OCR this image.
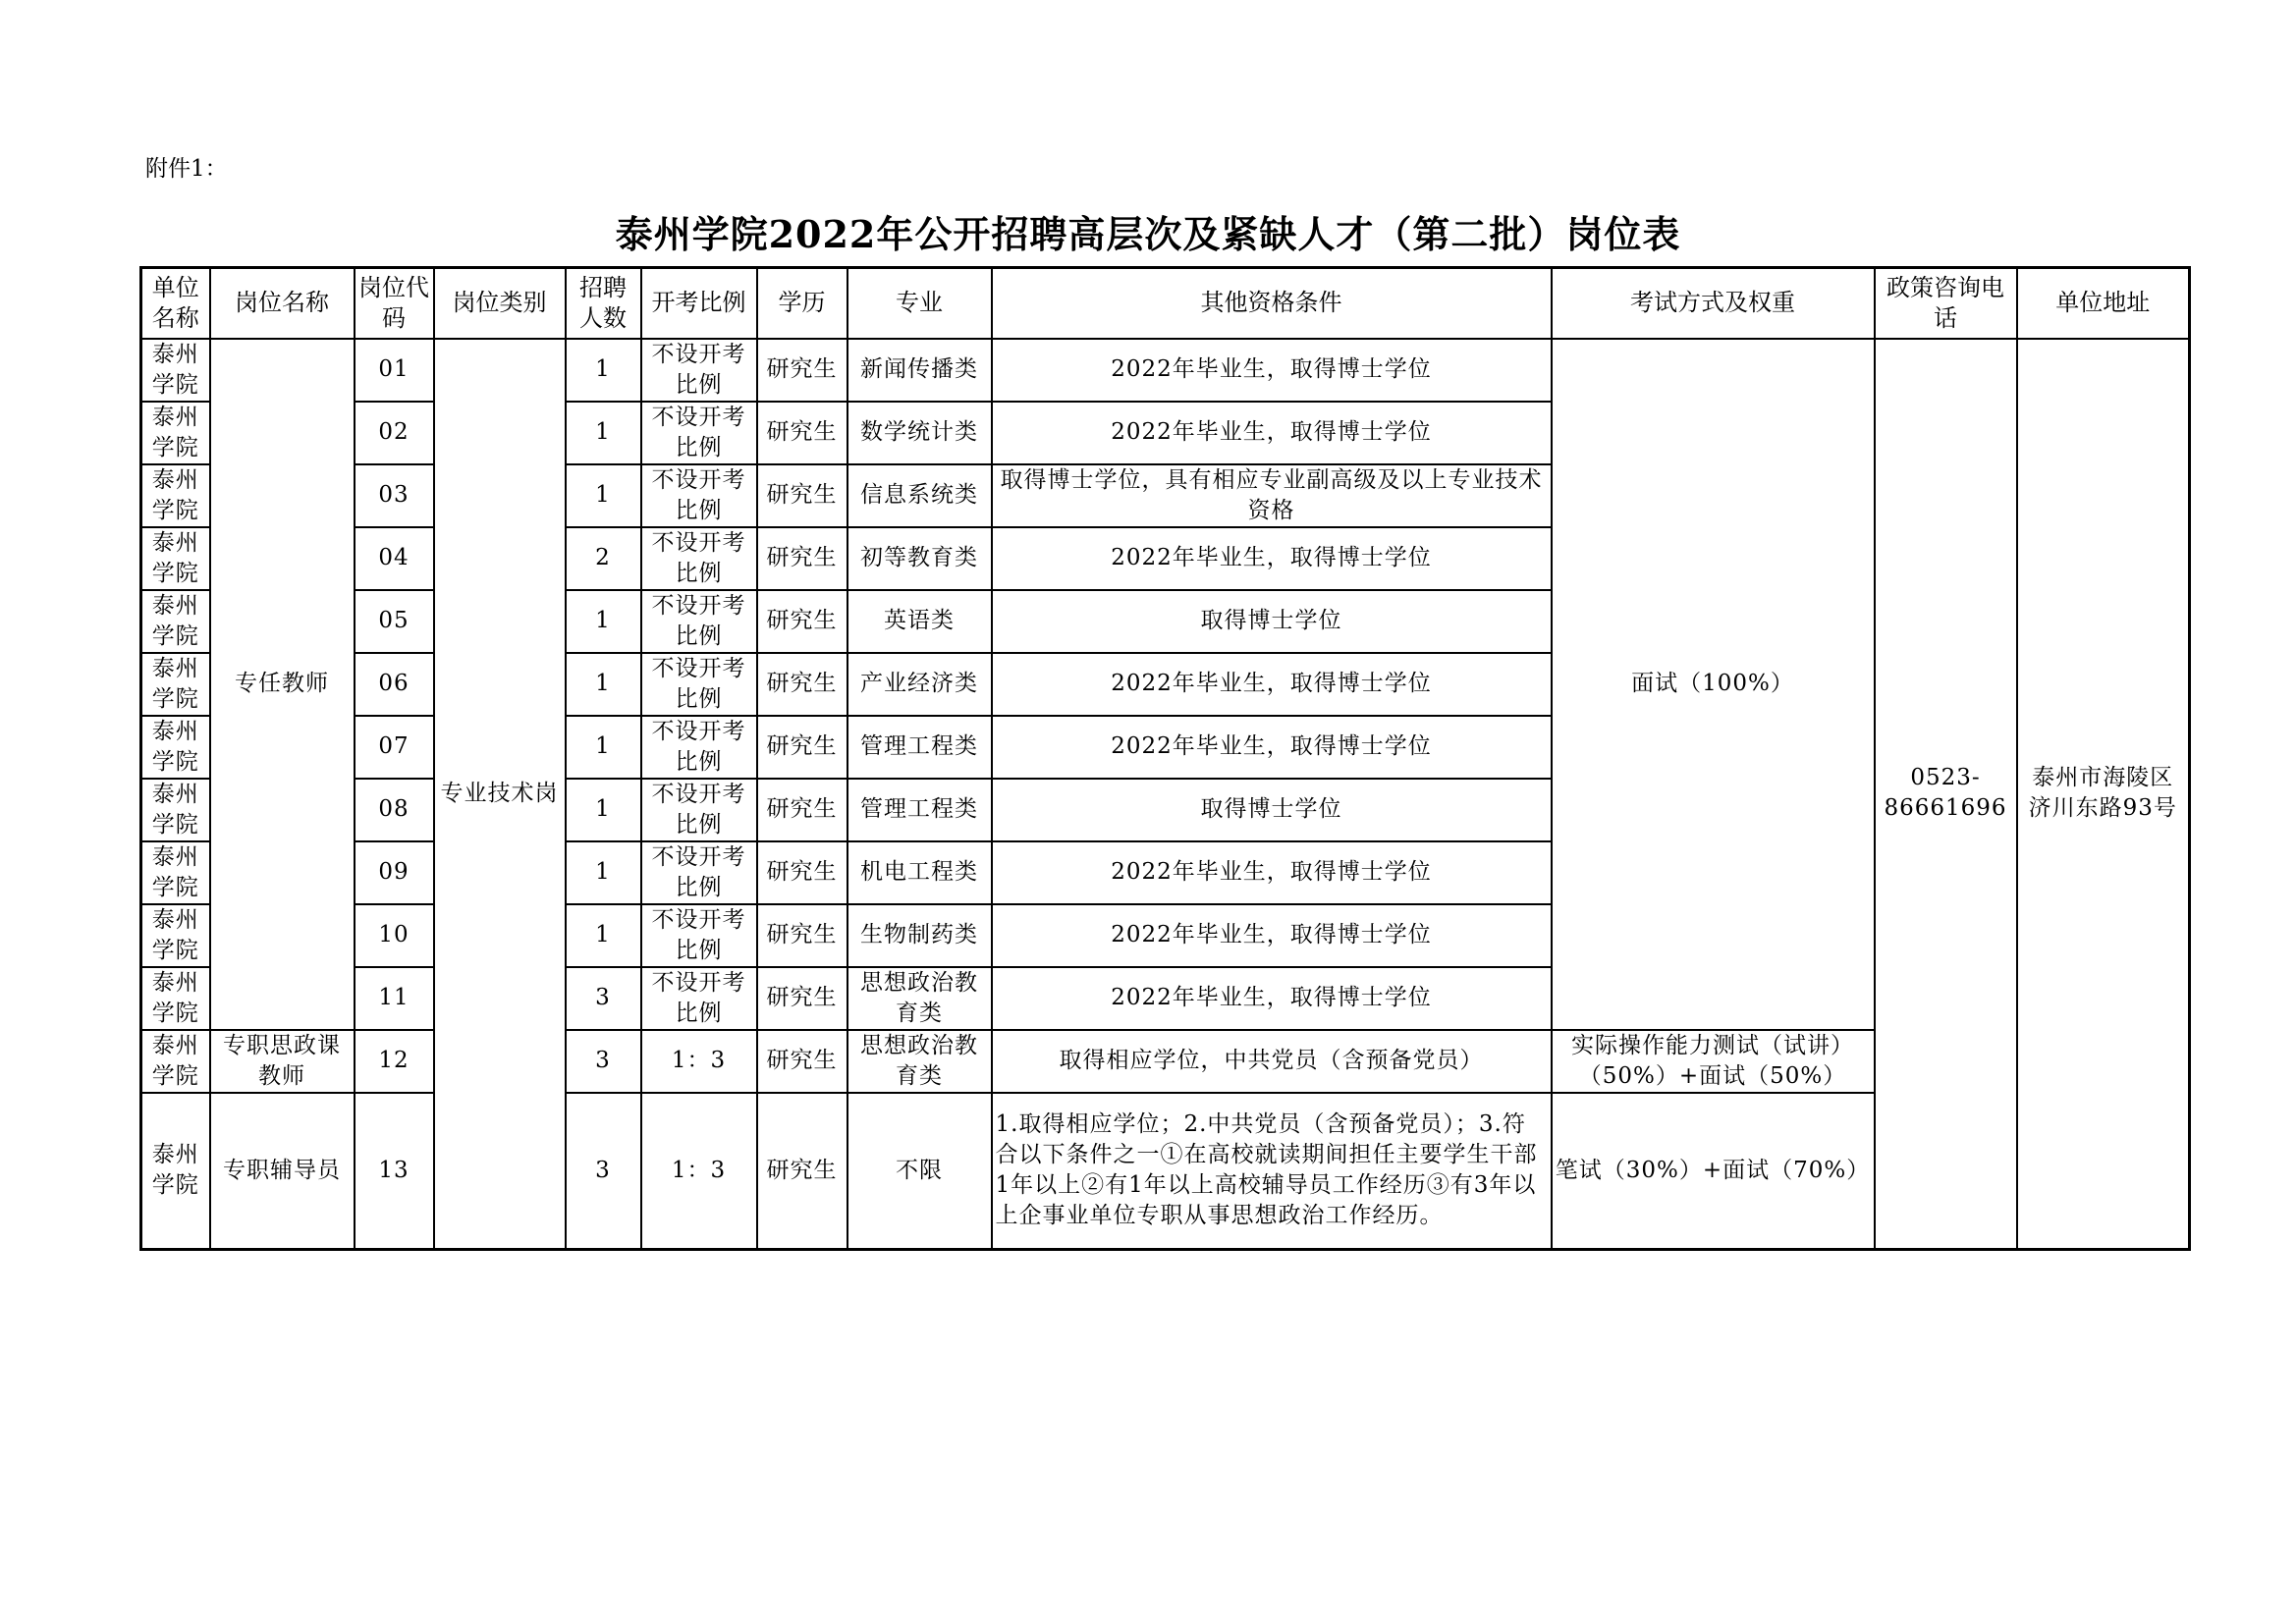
附件1：
泰州学院2022年公开招聘高层次及紧缺人才（第二批）岗位表
单位名称	岗位名称	岗位代码	岗位类别	招聘人数	开考比例	学历	专业	其他资格条件	考试方式及权重	政策咨询电话	单位地址
泰州学院	专任教师	01	专业技术岗	1	不设开考比例	研究生	新闻传播类	2022年毕业生，取得博士学位	面试（100%）	0523-86661696	泰州市海陵区济川东路93号
泰州学院		02		1	不设开考比例	研究生	数学统计类	2022年毕业生，取得博士学位			
泰州学院		03		1	不设开考比例	研究生	信息系统类	取得博士学位，具有相应专业副高级及以上专业技术资格			
泰州学院		04		2	不设开考比例	研究生	初等教育类	2022年毕业生，取得博士学位			
泰州学院		05		1	不设开考比例	研究生	英语类	取得博士学位			
泰州学院		06		1	不设开考比例	研究生	产业经济类	2022年毕业生，取得博士学位			
泰州学院		07		1	不设开考比例	研究生	管理工程类	2022年毕业生，取得博士学位			
泰州学院		08		1	不设开考比例	研究生	管理工程类	取得博士学位			
泰州学院		09		1	不设开考比例	研究生	机电工程类	2022年毕业生，取得博士学位			
泰州学院		10		1	不设开考比例	研究生	生物制药类	2022年毕业生，取得博士学位			
泰州学院		11		3	不设开考比例	研究生	思想政治教育类	2022年毕业生，取得博士学位			
泰州学院	专职思政课教师	12		3	1：3	研究生	思想政治教育类	取得相应学位，中共党员（含预备党员）	实际操作能力测试（试讲）（50%）+面试（50%）		
泰州学院	专职辅导员	13		3	1：3	研究生	不限	1.取得相应学位；2.中共党员（含预备党员）；3.符合以下条件之一①在高校就读期间担任主要学生干部1年以上②有1年以上高校辅导员工作经历③有3年以上企事业单位专职从事思想政治工作经历。	笔试（30%）+面试（70%）		
